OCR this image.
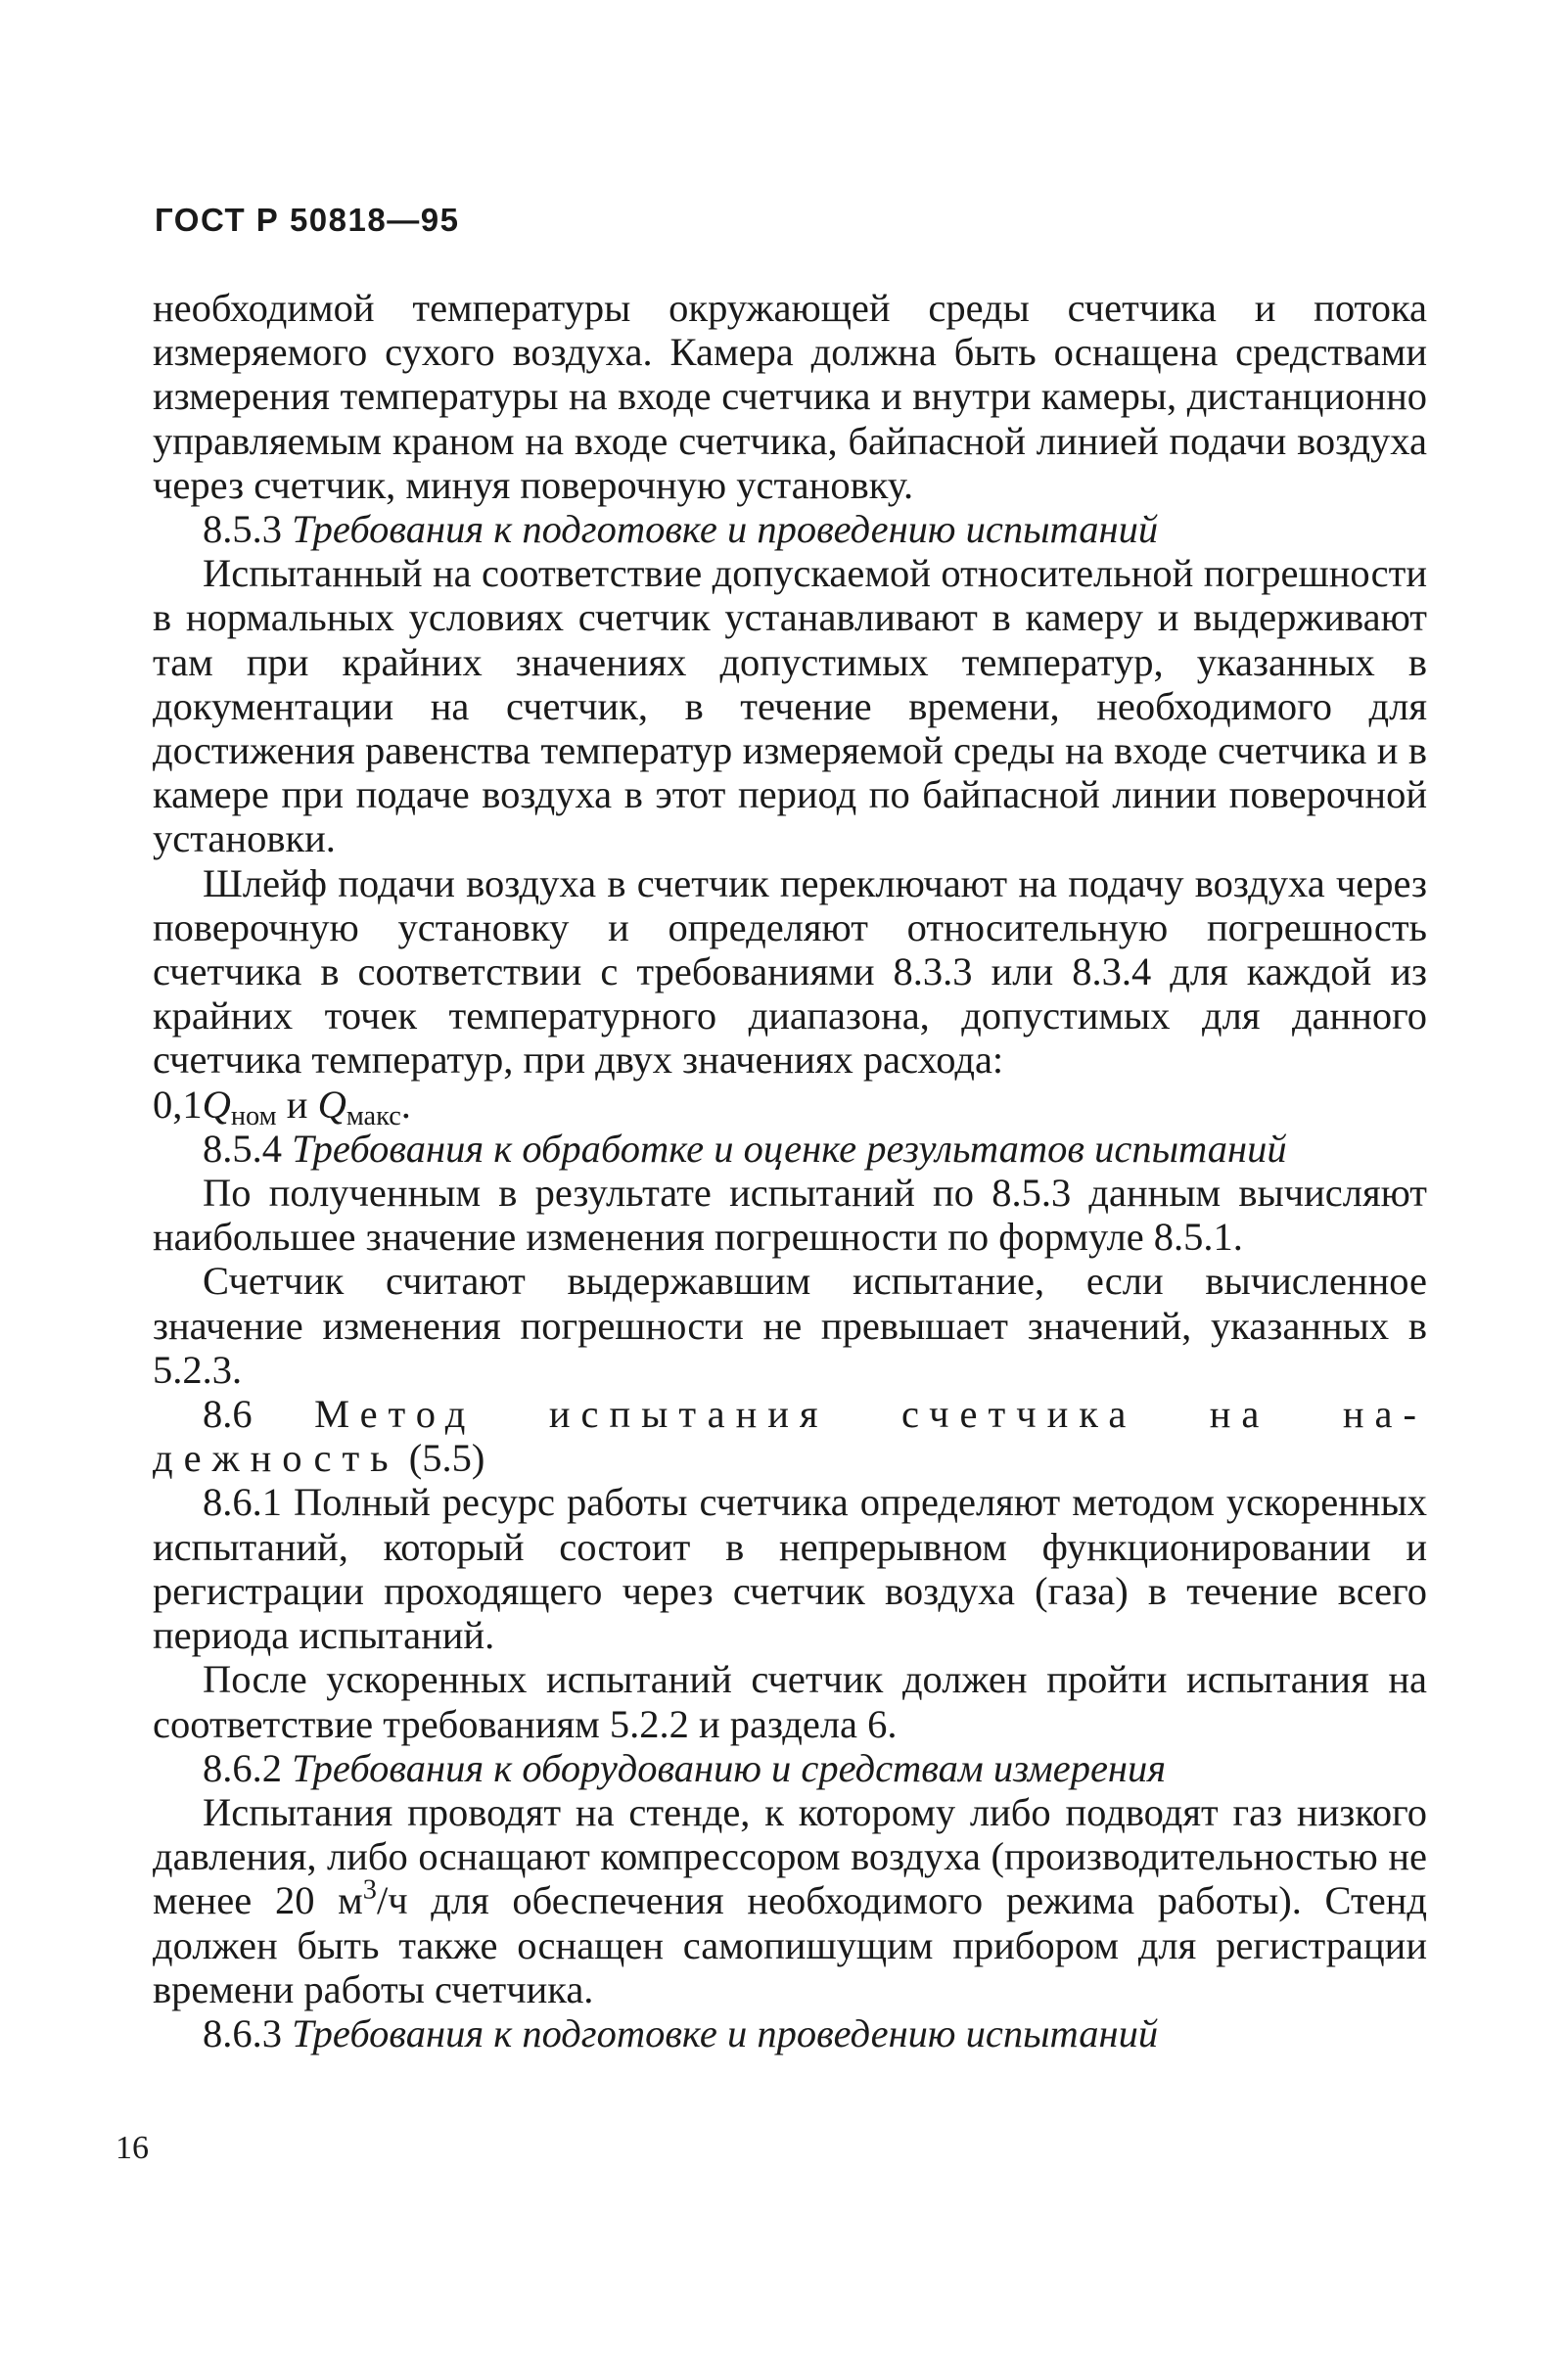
ГОСТ Р 50818—95

необходимой температуры окружающей среды счетчика и потока измеряемого сухого воздуха. Камера должна быть оснащена средствами измерения температуры на входе счетчика и внутри камеры, дистанционно управляемым краном на входе счетчика, байпасной линией подачи воздуха через счетчик, минуя поверочную установку.

8.5.3 Требования к подготовке и проведению испытаний

Испытанный на соответствие допускаемой относительной погрешности в нормальных условиях счетчик устанавливают в камеру и выдерживают там при крайних значениях допустимых температур, указанных в документации на счетчик, в течение времени, необходимого для достижения равенства температур измеряемой среды на входе счетчика и в камере при подаче воздуха в этот период по байпасной линии поверочной установки.

Шлейф подачи воздуха в счетчик переключают на подачу воздуха через поверочную установку и определяют относительную погрешность счетчика в соответствии с требованиями 8.3.3 или 8.3.4 для каждой из крайних точек температурного диапазона, допустимых для данного счетчика температур, при двух значениях расхода:
$0,1Q_{ном}$ и $Q_{макс}$.

8.5.4 Требования к обработке и оценке результатов испытаний

По полученным в результате испытаний по 8.5.3 данным вычисляют наибольшее значение изменения погрешности по формуле 8.5.1.

Счетчик считают выдержавшим испытание, если вычисленное значение изменения погрешности не превышает значений, указанных в 5.2.3.

8.6 Метод испытания счетчика на на-

дежность (5.5)

8.6.1 Полный ресурс работы счетчика определяют методом ускоренных испытаний, который состоит в непрерывном функционировании и регистрации проходящего через счетчик воздуха (газа) в течение всего периода испытаний.

После ускоренных испытаний счетчик должен пройти испытания на соответствие требованиям 5.2.2 и раздела 6.

8.6.2 Требования к оборудованию и средствам измерения

Испытания проводят на стенде, к которому либо подводят газ низкого давления, либо оснащают компрессором воздуха (производительностью не менее 20 $м^3/ч$ для обеспечения необходимого режима работы). Стенд должен быть также оснащен самопишущим прибором для регистрации времени работы счетчика.

8.6.3 Требования к подготовке и проведению испытаний

16
